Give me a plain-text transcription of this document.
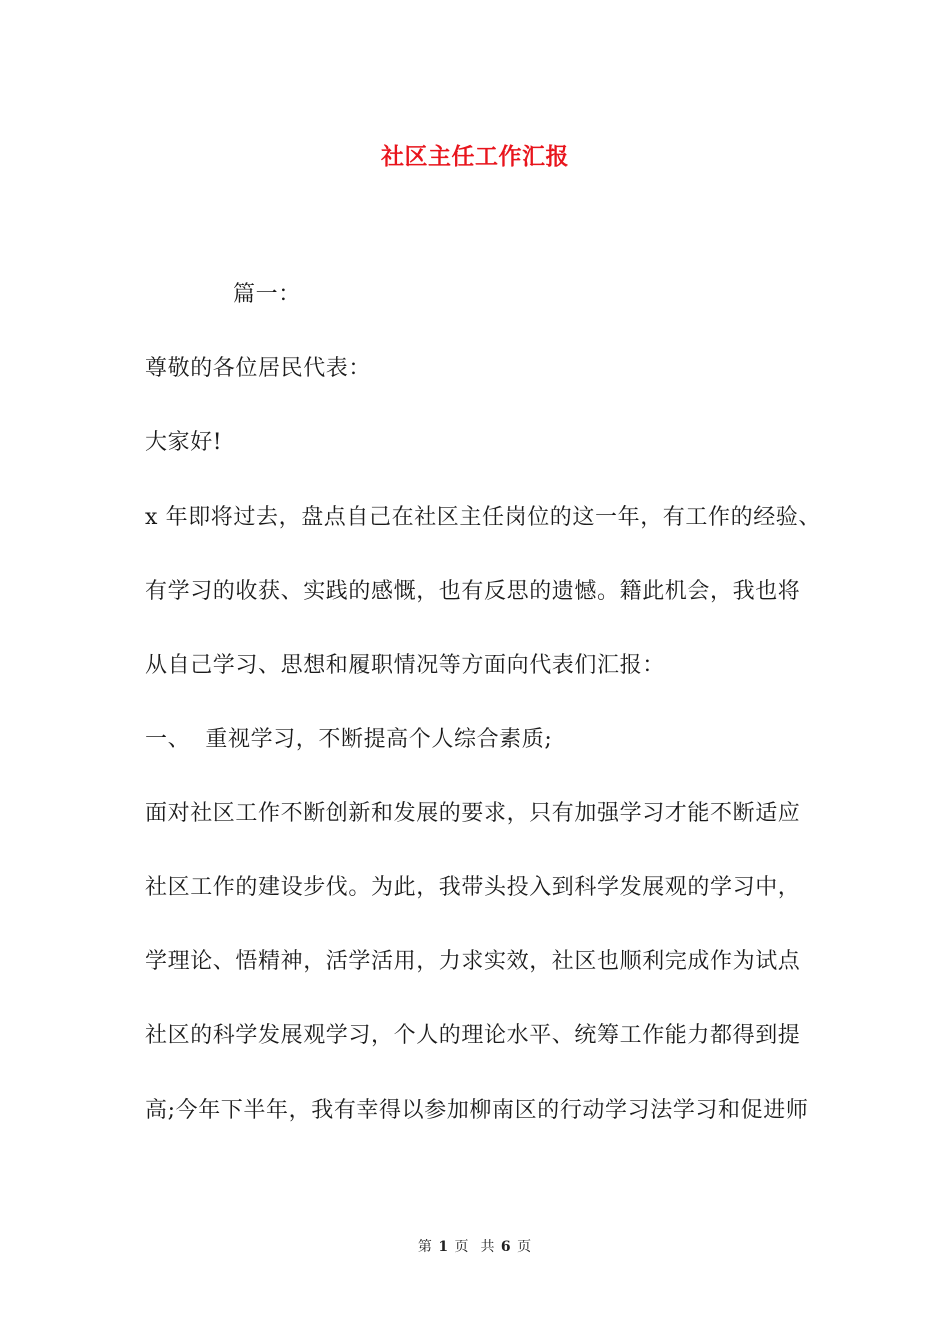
社区主任工作汇报
篇一：
尊敬的各位居民代表：
大家好!
x 年即将过去，盘点自己在社区主任岗位的这一年，有工作的经验、
有学习的收获、实践的感慨，也有反思的遗憾。籍此机会，我也将
从自己学习、思想和履职情况等方面向代表们汇报：
一、  重视学习，不断提高个人综合素质;
面对社区工作不断创新和发展的要求，只有加强学习才能不断适应
社区工作的建设步伐。为此，我带头投入到科学发展观的学习中，
学理论、悟精神，活学活用，力求实效，社区也顺利完成作为试点
社区的科学发展观学习，个人的理论水平、统筹工作能力都得到提
高;今年下半年，我有幸得以参加柳南区的行动学习法学习和促进师
第 1 页  共 6 页
